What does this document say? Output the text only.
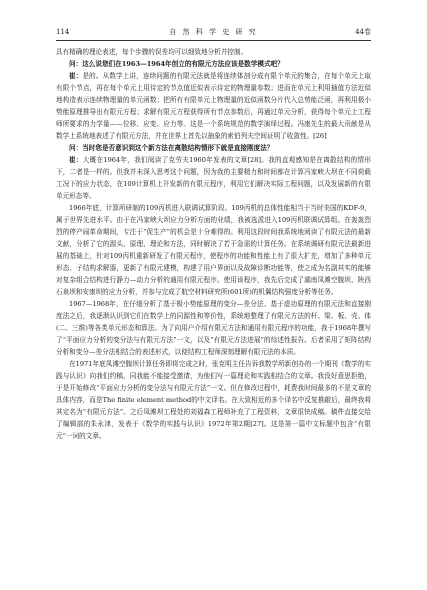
114	自 然 科 学 史 研 究	44卷

具有精确的理论表述，每个步骤的误差均可以细致地分析并控制。

问：这么说您们在1963—1964年创立的有限元方法应该是数学模式吧？

崔：是的。从数学上讲，连续问题的有限元法就是将连续体剖分成有限个单元的集合，在每个单元上取有限个节点，再在每个单元上用待定的节点值近似表示待定的物理量参数；进而在单元上利用插值方法近似地构造表示连续物理量的单元函数；把所有有限单元上物理量的近似函数分片代入总势能泛函，再利用极小势能原理推导出有限元方程；求解有限元方程获得所有节点参数后，再通过单元分析，获得每个单元上工程师所要求的力学量——位移、应变、应力等。这是一个系统规范的数学演绎过程。冯康先生的最大贡献是从数学上系统地表述了有限元方法，并在世界上首先以抽象的索伯列夫空间证明了收敛性。[26]

问：当时您是否意识到这个新方法在离散结构情形下就是直接刚度法？

崔：大概在1964年，我们阅读了克劳夫1960年发表的文章[28]。我的直观感知是在离散结构的情形下，二者是一样的。但我并未深入思考这个问题，因为我的主要精力和时间都在计算冯家峡大坝在不同荷载工况下的应力状态，在109计算机上开发新的有限元程序，利用它们解决实际工程问题，以及发展新的有限单元形态等。

1966年底，计算所研制的109丙机进入联调试算阶段。109丙机的总体性能相当于当时美国的KDF-9，属于世界先进水平。由于在冯家峡大坝应力分析方面的业绩，我被选派进入109丙机联调试算组。在轰轰烈烈的停产闹革命期间，专注于“促生产”的机会是十分难得的。利用这段时间我系统地阅读了有限元法的最新文献，分析了它的源头、原理、理论和方法，同时解决了若干急需的计算任务。在系统调研有限元法最新进展的基础上，针对109丙机重新研发了有限元程序，使程序的功能和性能上有了很大扩充，增加了多种单元形态、子结构求解器，更新了有限元建模，构建了用户界面以及故障诊断功能等，使之成为名副其实的能够对复杂组合结构进行静力—动力分析的通用有限元程序。使用该程序，我先后完成了湖南凤滩空腹坝、陕西石泉坝和安康坝的应力分析，并参与完成了航空材料研究所(601所)的机翼结构强度分析等任务。

1967—1968年，在仔细分析了基于极小势能原理的变分—差分法、基于虚功原理的有限元法和直接刚度法之后，我逐渐认识到它们在数学上的同源性和等价性，系统地整理了有限元方法的杆、梁、板、壳、体(二、三维)等各类单元形态和算法。为了向用户介绍有限元方法和通用有限元程序的功能，我于1968年撰写了“平面应力分析的变分法与有限元方法”一文，以及“有限元方法进展”的综述性报告。后者采用了矩阵结构分析和变分—差分法相结合的表述形式，以便结构工程师深刻理解有限元法的本质。

在1971年底凤滩空腹坝计算任务即将完成之时，张克明主任告诉我数学所新创办的一个期刊《数学的实践与认识》向我们约稿，同我能不能接受邀请，为他们写一篇理论和实践相结合的文章。我没好意思拒绝，于是开始修改“平面应力分析的变分法与有限元方法”一文。但在修改过程中，耗费我时间最多的不是文章的具体内容，而是The finite element method的中文译名。在大致相近的多个译名中反复推敲后，最终我将其定名为“有限元方法”。之后凤滩坝工程处的刘福森工程师补充了工程资料，文章很快成稿。稿件直接交给了编辑部的朱永津，发表于《数学的实践与认识》1972年第2期[27]。这是第一篇中文标题中包含“有限元”一词的文章。
